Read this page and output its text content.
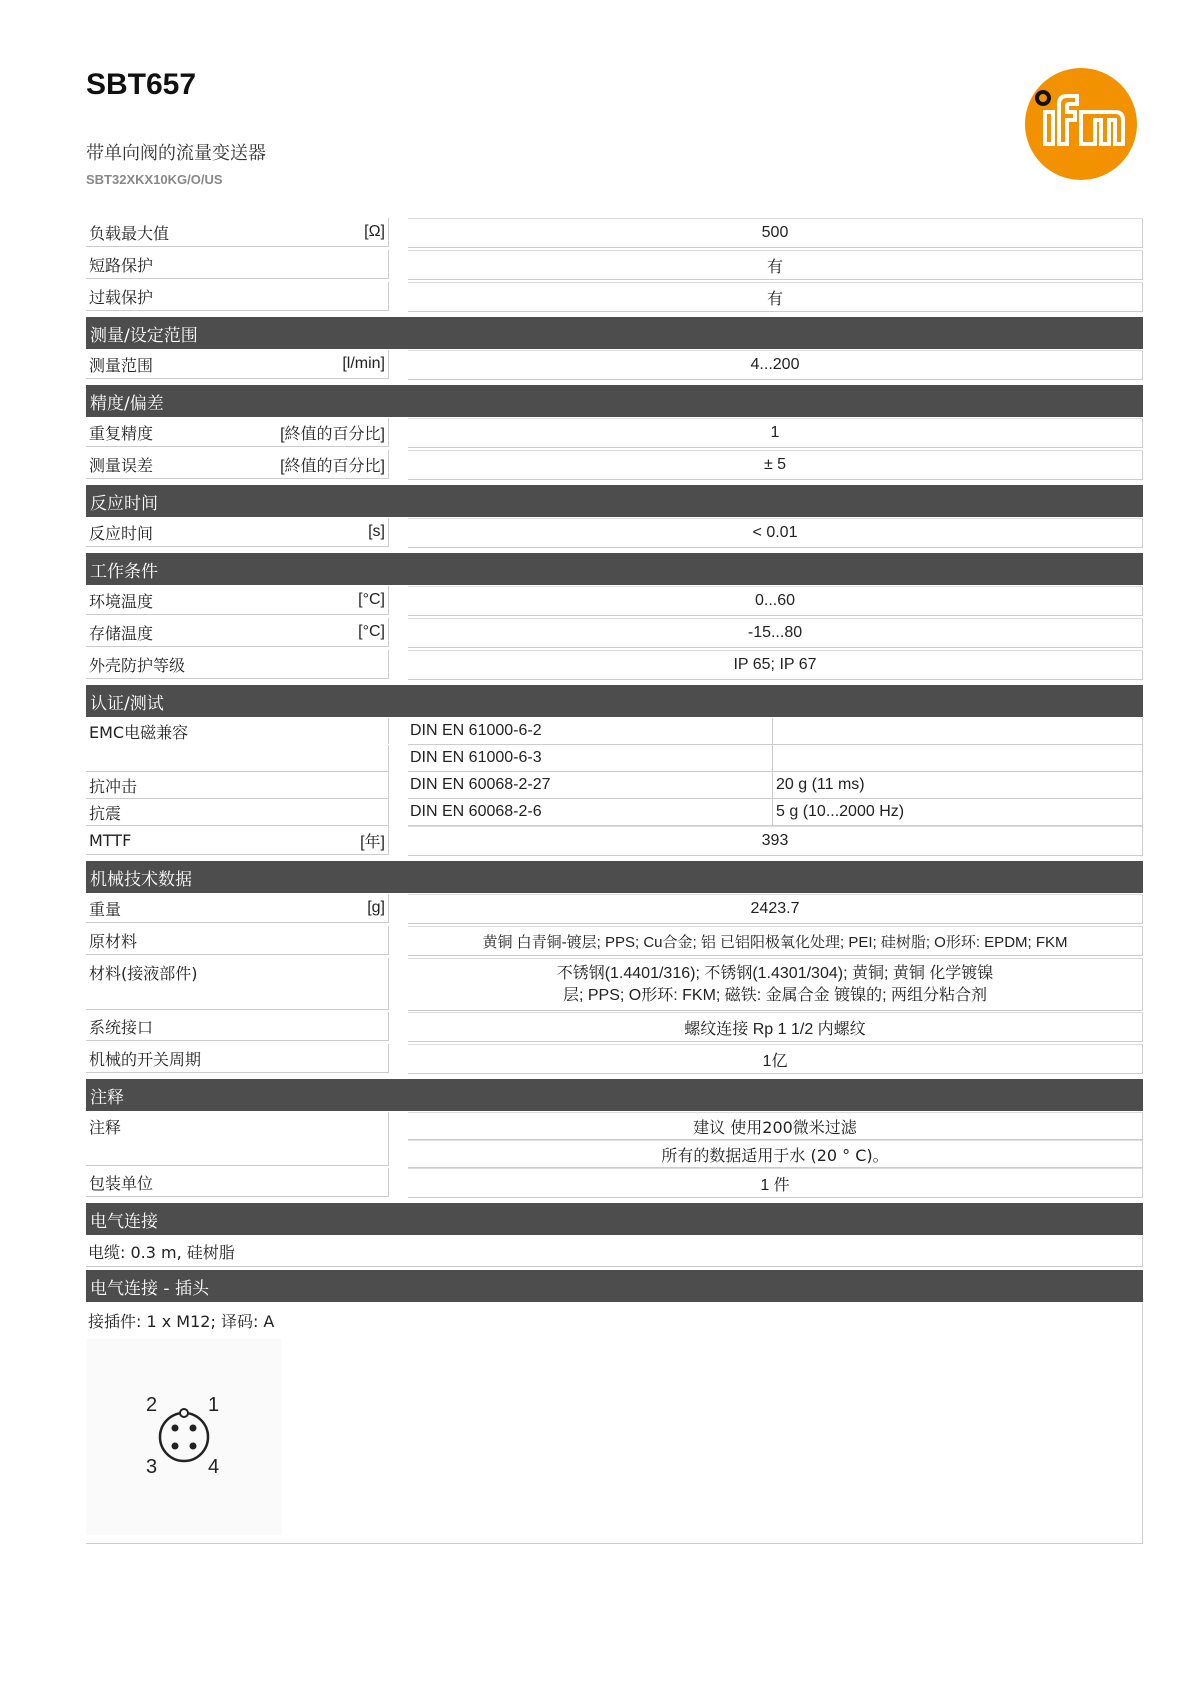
SBT657
带单向阀的流量变送器
SBT32XKX10KG/O/US
负载最大值	[Ω]	500
短路保护	有
过载保护	有
测量/设定范围
测量范围	[l/min]	4...200
精度/偏差
重复精度	[終值的百分比]	1
测量误差	[終值的百分比]	± 5
反应时间
反应时间	[s]	< 0.01
工作条件
环境温度	[°C]	0...60
存储温度	[°C]	-15...80
外壳防护等级	IP 65; IP 67
认证/测试
EMC电磁兼容	DIN EN 61000-6-2
DIN EN 61000-6-3
抗冲击	DIN EN 60068-2-27	20 g (11 ms)
抗震	DIN EN 60068-2-6	5 g (10...2000 Hz)
MTTF	[年]	393
机械技术数据
重量	[g]	2423.7
原材料	黄铜 白青铜-镀层; PPS; Cu合金; 铝 已铝阳极氧化处理; PEI; 硅树脂; O形环: EPDM; FKM
材料(接液部件)	不锈钢(1.4401/316); 不锈钢(1.4301/304); 黄铜; 黄铜 化学镀镍
层; PPS; O形环: FKM; 磁铁: 金属合金 镀镍的; 两组分粘合剂
系统接口	螺纹连接 Rp 1 1/2 内螺纹
机械的开关周期	1亿
注释
注释	建议 使用200微米过滤
所有的数据适用于水 (20 ° C)。
包装单位	1 件
电气连接
电缆: 0.3 m, 硅树脂
电气连接 - 插头
接插件: 1 x M12; 译码: A
1
2
3	4
